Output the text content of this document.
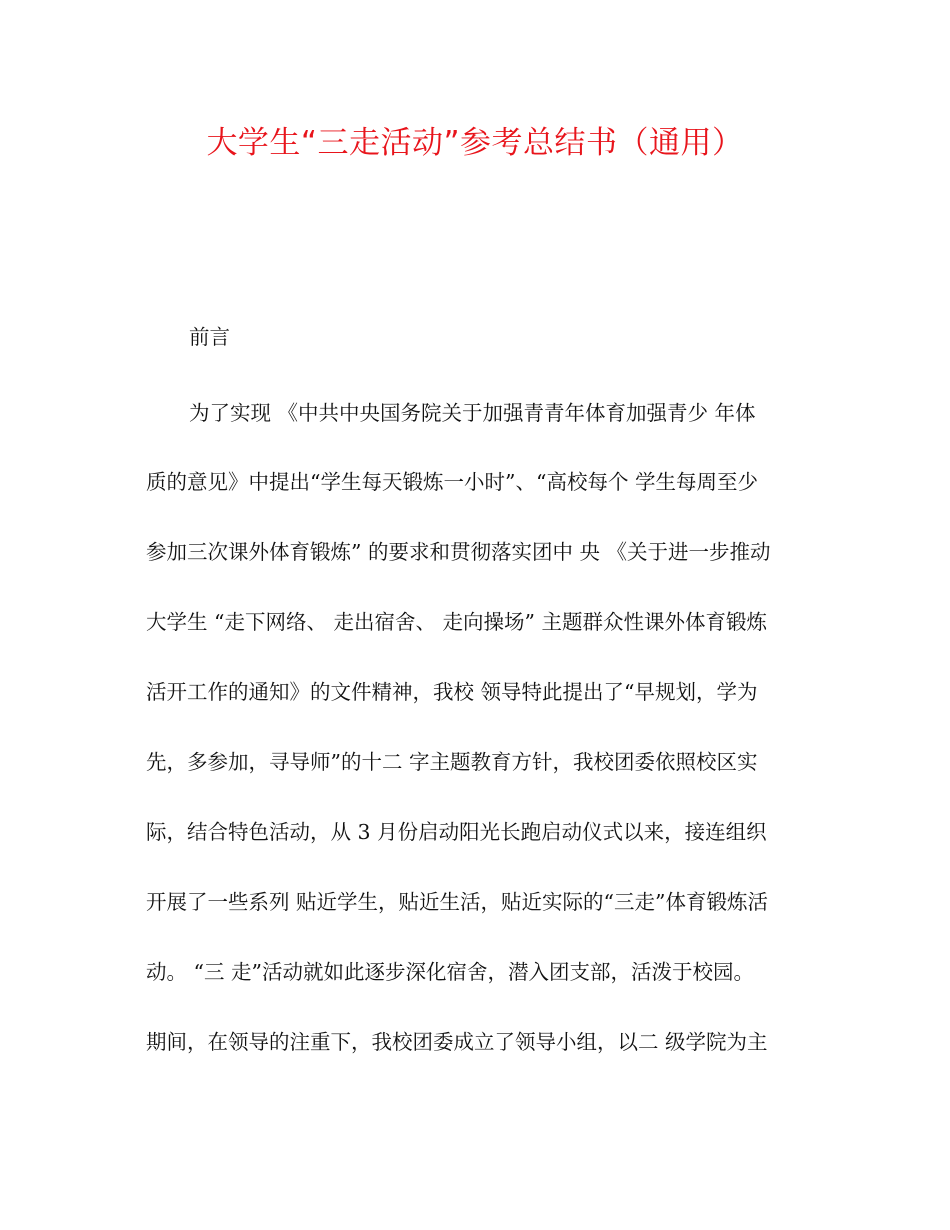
大学生“三走活动”参考总结书（通用）
前言
为了实现 《中共中央国务院关于加强青青年体育加强青少 年体
质的意见》中提出“学生每天锻炼一小时”、“高校每个 学生每周至少
参加三次课外体育锻炼” 的要求和贯彻落实团中 央 《关于进一步推动
大学生 “走下网络、 走出宿舍、 走向操场” 主题群众性课外体育锻炼
活开工作的通知》的文件精神，我校 领导特此提出了“早规划，学为
先，多参加，寻导师”的十二 字主题教育方针，我校团委依照校区实
际，结合特色活动，从 3 月份启动阳光长跑启动仪式以来，接连组织
开展了一些系列 贴近学生，贴近生活，贴近实际的“三走”体育锻炼活
动。 “三 走”活动就如此逐步深化宿舍，潜入团支部，活泼于校园。
期间，在领导的注重下，我校团委成立了领导小组，以二 级学院为主
